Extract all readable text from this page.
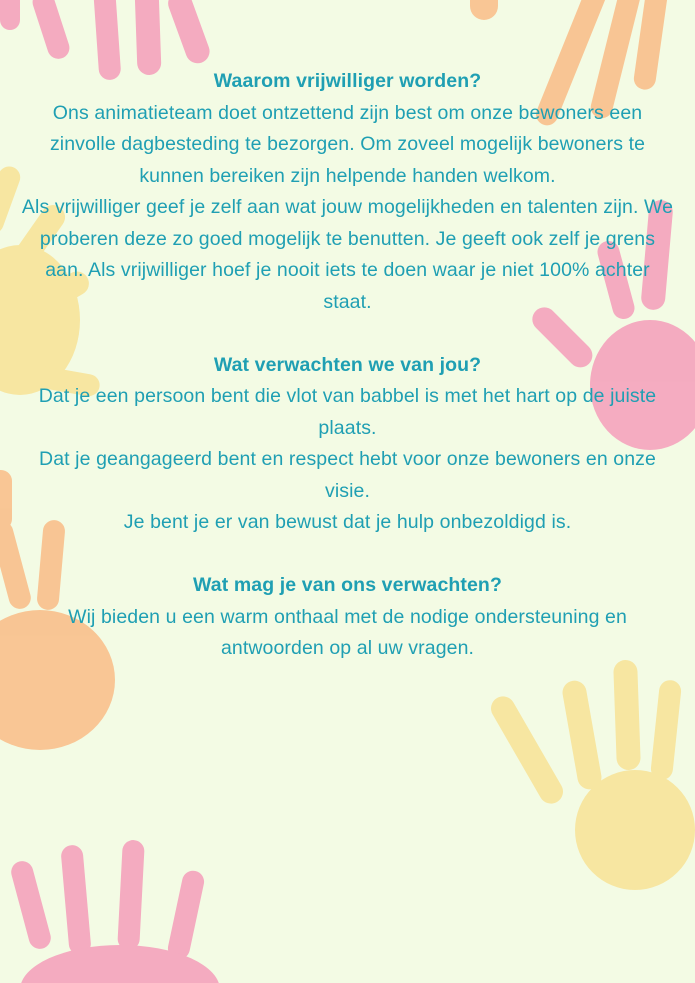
Waarom vrijwilliger worden?

Ons animatieteam doet ontzettend zijn best om onze bewoners een zinvolle dagbesteding te bezorgen. Om zoveel mogelijk bewoners te kunnen bereiken zijn helpende handen welkom.

Als vrijwilliger geef je zelf aan wat jouw mogelijkheden en talenten zijn. We proberen deze zo goed mogelijk te benutten. Je geeft ook zelf je grens aan. Als vrijwilliger hoef je nooit iets te doen waar je niet 100% achter staat.

Wat verwachten we van jou?

Dat je een persoon bent die vlot van babbel is met het hart op de juiste plaats.

Dat je geangageerd bent en respect hebt voor onze bewoners en onze visie.

Je bent je er van bewust dat je hulp onbezoldigd is.

Wat mag je van ons verwachten?

Wij bieden u een warm onthaal met de nodige ondersteuning en antwoorden op al uw vragen.
